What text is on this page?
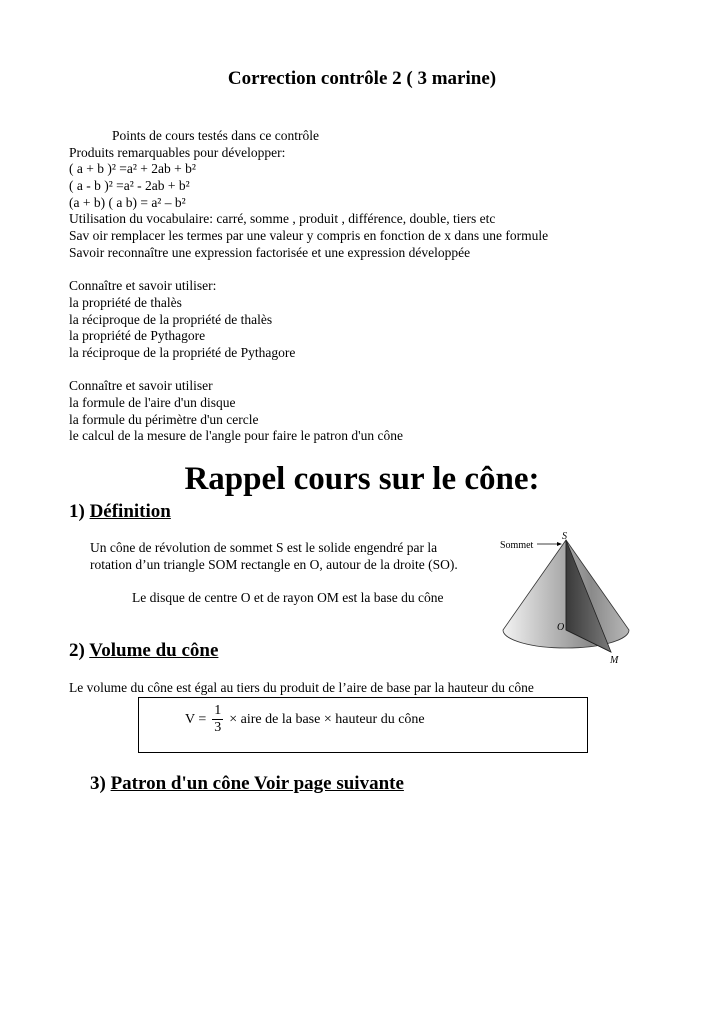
Correction contrôle 2 ( 3 marine)
Points de cours testés dans ce contrôle
Produits remarquables pour développer:
( a + b )² =a² + 2ab + b²
( a - b )² =a² - 2ab + b²
(a + b) ( a b) = a² – b²
Utilisation du vocabulaire: carré, somme , produit , différence, double, tiers etc
Sav oir remplacer les termes par une valeur y compris en fonction de x dans une formule
Savoir reconnaître une expression factorisée et une expression développée
Connaître et savoir utiliser:
la propriété de thalès
la réciproque de la propriété de thalès
la propriété de Pythagore
la réciproque de la propriété de Pythagore
Connaître et savoir utiliser
la formule de l'aire d'un disque
la formule du périmètre d'un cercle
le calcul de la mesure de l'angle pour faire le patron d'un cône
Rappel cours sur le cône:
1) Définition
Un cône de révolution de sommet S est le solide engendré par la rotation d’un triangle SOM rectangle en O, autour de la droite (SO).
Le disque de centre O et de rayon OM est la base du cône
Sommet
S
O
M
2) Volume du cône
Le volume du cône est égal au tiers du produit de l’aire de base par la hauteur du cône
$V = \frac{1}{3}$ × aire de la base × hauteur du cône
3) Patron d'un cône Voir page suivante
